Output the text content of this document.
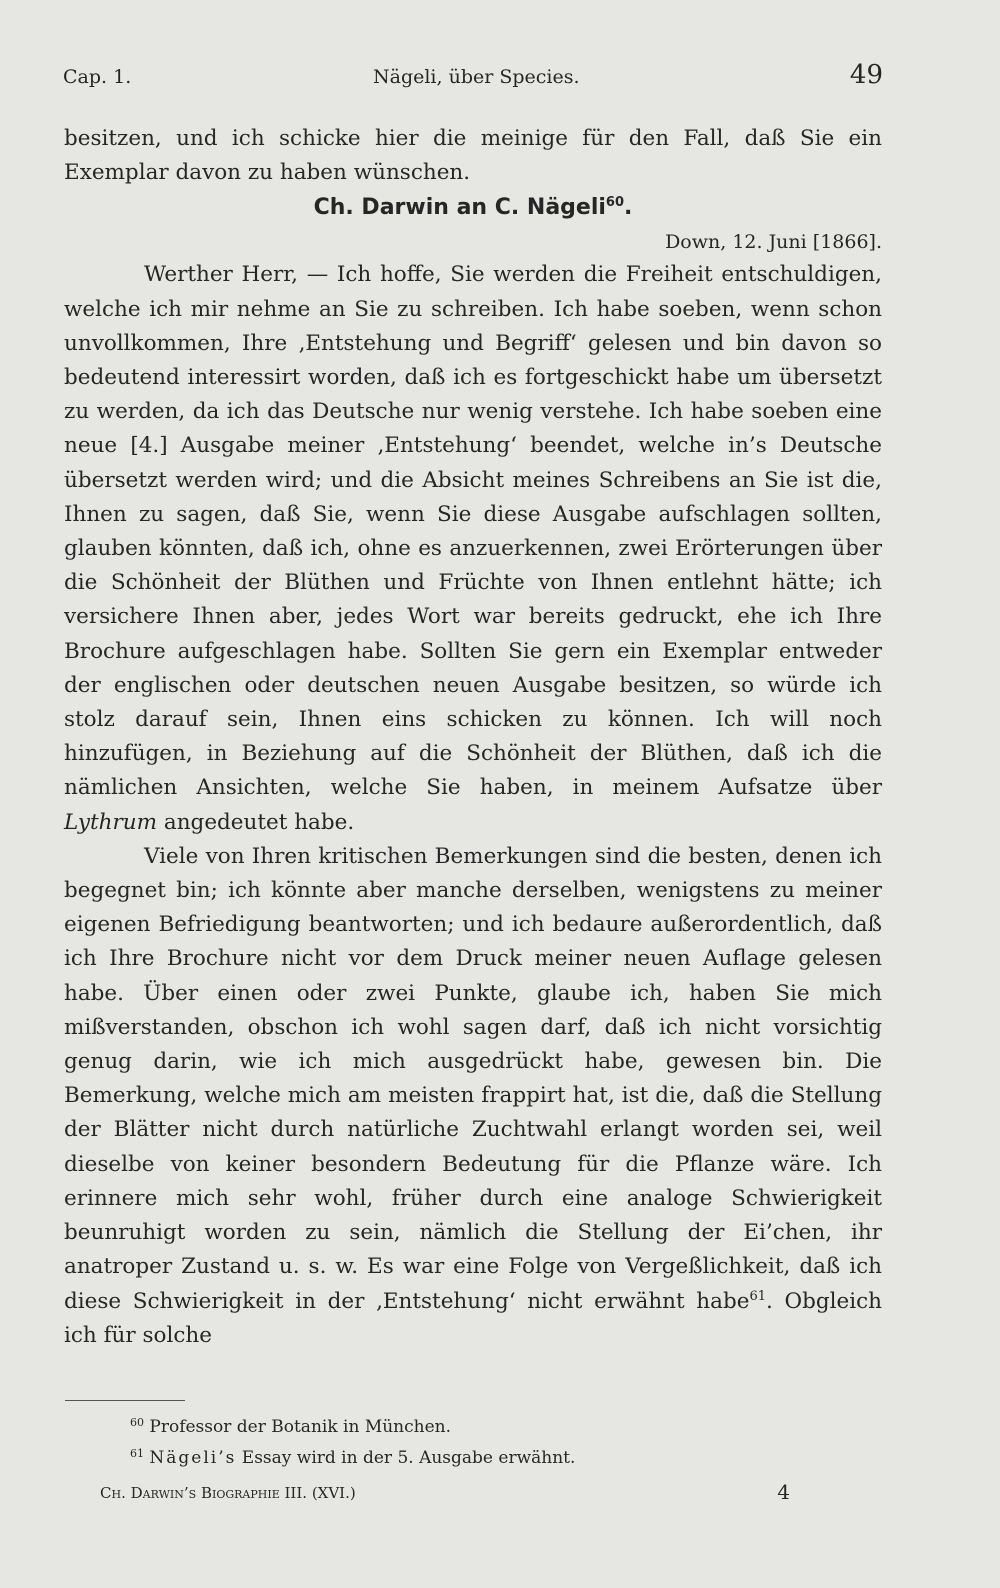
Cap. 1.	Nägeli, über Species.	49

besitzen, und ich schicke hier die meinige für den Fall, daß Sie ein Exemplar davon zu haben wünschen.

Ch. Darwin an C. Nägeli$^{60}$.

Down, 12. Juni [1866].

Werther Herr, — Ich hoffe, Sie werden die Freiheit entschuldigen, welche ich mir nehme an Sie zu schreiben. Ich habe soeben, wenn schon unvollkommen, Ihre ‚Entstehung und Begriff‘ gelesen und bin davon so bedeutend interessirt worden, daß ich es fortgeschickt habe um übersetzt zu werden, da ich das Deutsche nur wenig verstehe. Ich habe soeben eine neue [4.] Ausgabe meiner ‚Entstehung‘ beendet, welche in’s Deutsche übersetzt werden wird; und die Absicht meines Schreibens an Sie ist die, Ihnen zu sagen, daß Sie, wenn Sie diese Ausgabe aufschlagen sollten, glauben könnten, daß ich, ohne es anzuerkennen, zwei Erörterungen über die Schönheit der Blüthen und Früchte von Ihnen entlehnt hätte; ich versichere Ihnen aber, jedes Wort war bereits gedruckt, ehe ich Ihre Brochure aufgeschlagen habe. Sollten Sie gern ein Exemplar entweder der englischen oder deutschen neuen Ausgabe besitzen, so würde ich stolz darauf sein, Ihnen eins schicken zu können. Ich will noch hinzufügen, in Beziehung auf die Schönheit der Blüthen, daß ich die nämlichen Ansichten, welche Sie haben, in meinem Aufsatze über Lythrum angedeutet habe.

Viele von Ihren kritischen Bemerkungen sind die besten, denen ich begegnet bin; ich könnte aber manche derselben, wenigstens zu meiner eigenen Befriedigung beantworten; und ich bedaure außerordentlich, daß ich Ihre Brochure nicht vor dem Druck meiner neuen Auflage gelesen habe. Über einen oder zwei Punkte, glaube ich, haben Sie mich mißverstanden, obschon ich wohl sagen darf, daß ich nicht vorsichtig genug darin, wie ich mich ausgedrückt habe, gewesen bin. Die Bemerkung, welche mich am meisten frappirt hat, ist die, daß die Stellung der Blätter nicht durch natürliche Zuchtwahl erlangt worden sei, weil dieselbe von keiner besondern Bedeutung für die Pflanze wäre. Ich erinnere mich sehr wohl, früher durch eine analoge Schwierigkeit beunruhigt worden zu sein, nämlich die Stellung der Ei’chen, ihr anatroper Zustand u. s. w. Es war eine Folge von Vergeßlichkeit, daß ich diese Schwierigkeit in der ‚Entstehung‘ nicht erwähnt habe$^{61}$. Obgleich ich für solche

$^{60}$ Professor der Botanik in München.
$^{61}$ Nägeli’s Essay wird in der 5. Ausgabe erwähnt.
Ch. Darwin’s Biographie III. (XVI.)	4
